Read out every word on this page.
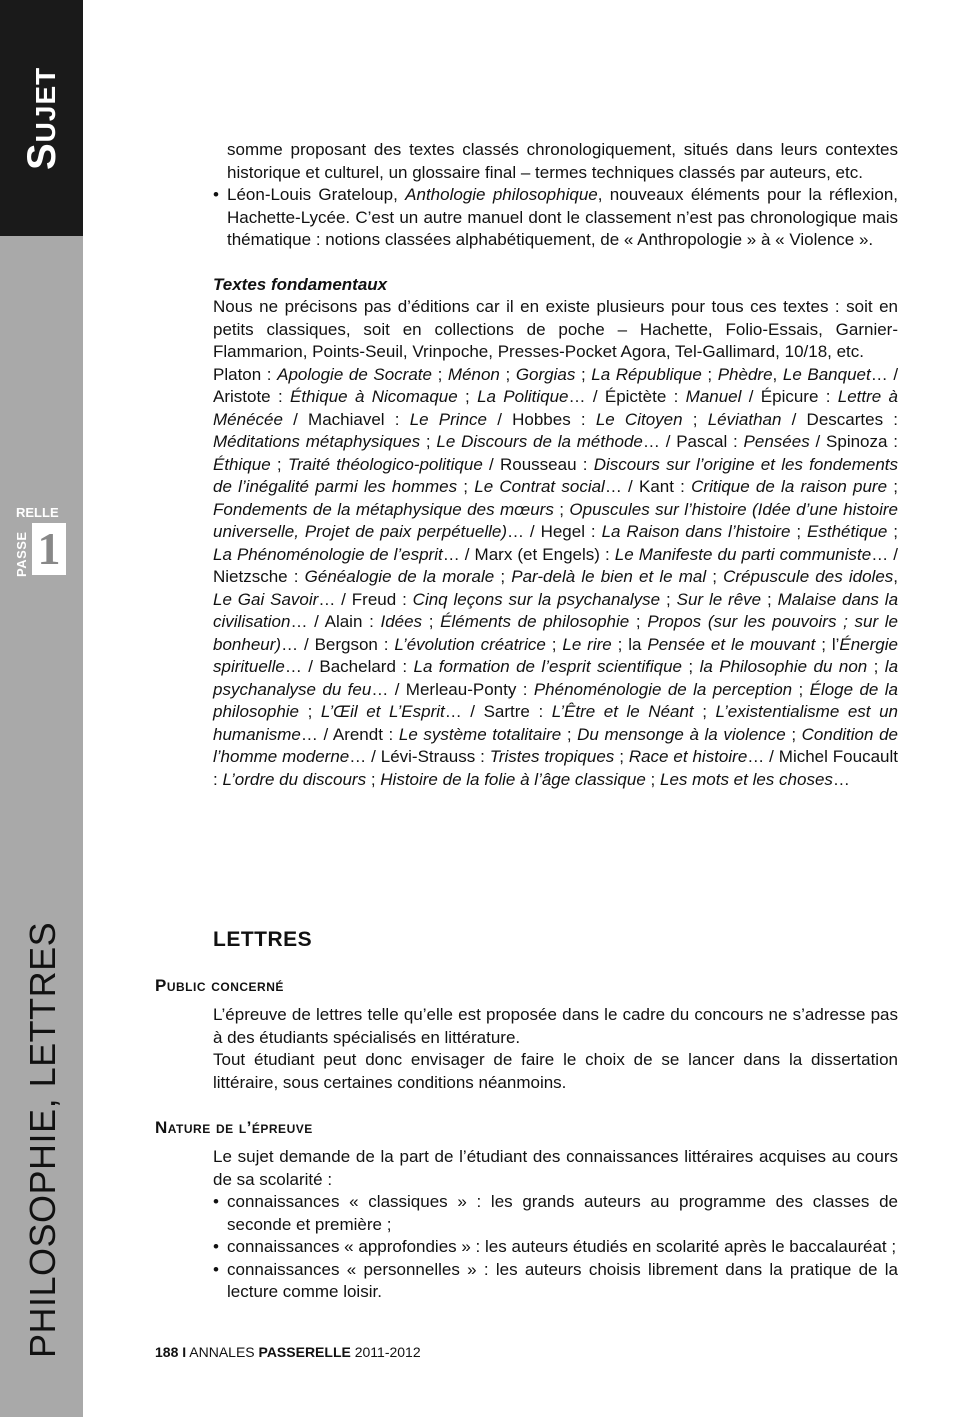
Sujet
PHILOSOPHIE, LETTRES
RELLE
PASSE 1

somme proposant des textes classés chronologiquement, situés dans leurs contextes historique et culturel, un glossaire final – termes techniques classés par auteurs, etc.

• Léon-Louis Grateloup, Anthologie philosophique, nouveaux éléments pour la réflexion, Hachette-Lycée. C’est un autre manuel dont le classement n’est pas chronologique mais thématique : notions classées alphabétiquement, de « Anthropologie » à « Violence ».

Textes fondamentaux

Nous ne précisons pas d’éditions car il en existe plusieurs pour tous ces textes : soit en petits classiques, soit en collections de poche – Hachette, Folio-Essais, Garnier-Flammarion, Points-Seuil, Vrinpoche, Presses-Pocket Agora, Tel-Gallimard, 10/18, etc.

Platon : Apologie de Socrate ; Ménon ; Gorgias ; La République ; Phèdre, Le Banquet… / Aristote : Éthique à Nicomaque ; La Politique… / Épictète : Manuel / Épicure : Lettre à Ménécée / Machiavel : Le Prince / Hobbes : Le Citoyen ; Léviathan / Descartes : Méditations métaphysiques ; Le Discours de la méthode… / Pascal : Pensées / Spinoza : Éthique ; Traité théologico-politique / Rousseau : Discours sur l’origine et les fondements de l’inégalité parmi les hommes ; Le Contrat social… / Kant : Critique de la raison pure ; Fondements de la métaphysique des mœurs ; Opuscules sur l’histoire (Idée d’une histoire universelle, Projet de paix perpétuelle)… / Hegel : La Raison dans l’histoire ; Esthétique ; La Phénoménologie de l’esprit… / Marx (et Engels) : Le Manifeste du parti communiste… / Nietzsche : Généalogie de la morale ; Par-delà le bien et le mal ; Crépuscule des idoles, Le Gai Savoir… / Freud : Cinq leçons sur la psychanalyse ; Sur le rêve ; Malaise dans la civilisation… / Alain : Idées ; Éléments de philosophie ; Propos (sur les pouvoirs ; sur le bonheur)… / Bergson : L’évolution créatrice ; Le rire ; la Pensée et le mouvant ; l’Énergie spirituelle… / Bachelard : La formation de l’esprit scientifique ; la Philosophie du non ; la psychanalyse du feu… / Merleau-Ponty : Phénoménologie de la perception ; Éloge de la philosophie ; L’Œil et L’Esprit… / Sartre : L’Être et le Néant ; L’existentialisme est un humanisme… / Arendt : Le système totalitaire ; Du mensonge à la violence ; Condition de l’homme moderne… / Lévi-Strauss : Tristes tropiques ; Race et histoire… / Michel Foucault : L’ordre du discours ; Histoire de la folie à l’âge classique ; Les mots et les choses…

LETTRES
Public concerné

L’épreuve de lettres telle qu’elle est proposée dans le cadre du concours ne s’adresse pas à des étudiants spécialisés en littérature.

Tout étudiant peut donc envisager de faire le choix de se lancer dans la dissertation littéraire, sous certaines conditions néanmoins.

Nature de l’épreuve

Le sujet demande de la part de l’étudiant des connaissances littéraires acquises au cours de sa scolarité :

• connaissances « classiques » : les grands auteurs au programme des classes de seconde et première ;

• connaissances « approfondies » : les auteurs étudiés en scolarité après le baccalauréat ;

• connaissances « personnelles » : les auteurs choisis librement dans la pratique de la lecture comme loisir.

188 I ANNALES PASSERELLE 2011-2012
